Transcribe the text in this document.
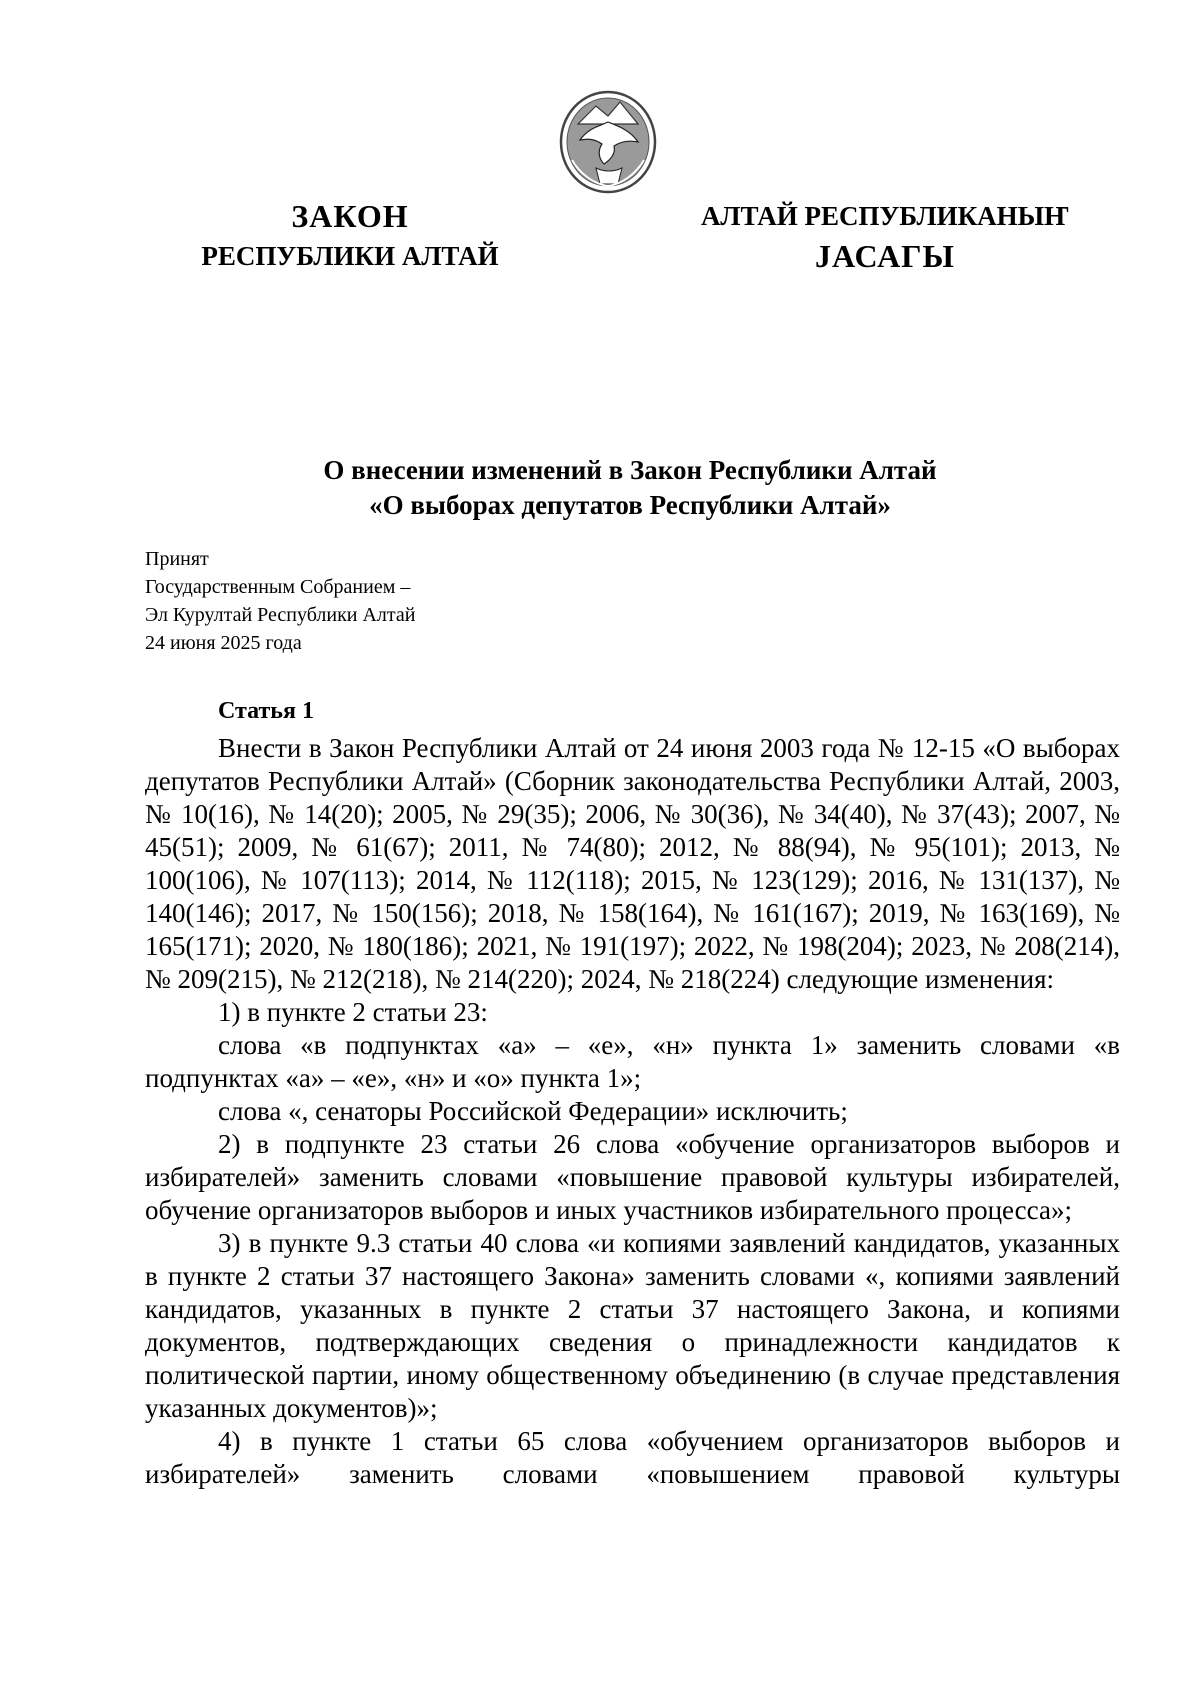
ЗАКОН
РЕСПУБЛИКИ АЛТАЙ
АЛТАЙ РЕСПУБЛИКАНЫҤ
JАСАГЫ
О внесении изменений в Закон Республики Алтай
«О выборах депутатов Республики Алтай»
Принят
Государственным Собранием –
Эл Курултай Республики Алтай
24 июня 2025 года
Статья 1

Внести в Закон Республики Алтай от 24 июня 2003 года № 12-15 «О выборах депутатов Республики Алтай» (Сборник законодательства Республики Алтай, 2003, № 10(16), № 14(20); 2005, № 29(35); 2006, № 30(36), № 34(40), № 37(43); 2007, № 45(51); 2009, № 61(67); 2011, № 74(80); 2012, № 88(94), № 95(101); 2013, № 100(106), № 107(113); 2014, № 112(118); 2015, № 123(129); 2016, № 131(137), № 140(146); 2017, № 150(156); 2018, № 158(164), № 161(167); 2019, № 163(169), № 165(171); 2020, № 180(186); 2021, № 191(197); 2022, № 198(204); 2023, № 208(214), № 209(215), № 212(218), № 214(220); 2024, № 218(224) следующие изменения:

1) в пункте 2 статьи 23:

слова «в подпунктах «а» – «е», «н» пункта 1» заменить словами «в подпунктах «а» – «е», «н» и «о» пункта 1»;

слова «, сенаторы Российской Федерации» исключить;

2) в подпункте 23 статьи 26 слова «обучение организаторов выборов и избирателей» заменить словами «повышение правовой культуры избирателей, обучение организаторов выборов и иных участников избирательного процесса»;

3) в пункте 9.3 статьи 40 слова «и копиями заявлений кандидатов, указанных в пункте 2 статьи 37 настоящего Закона» заменить словами «, копиями заявлений кандидатов, указанных в пункте 2 статьи 37 настоящего Закона, и копиями документов, подтверждающих сведения о принадлежности кандидатов к политической партии, иному общественному объединению (в случае представления указанных документов)»;

4) в пункте 1 статьи 65 слова «обучением организаторов выборов и избирателей» заменить словами «повышением правовой культуры
